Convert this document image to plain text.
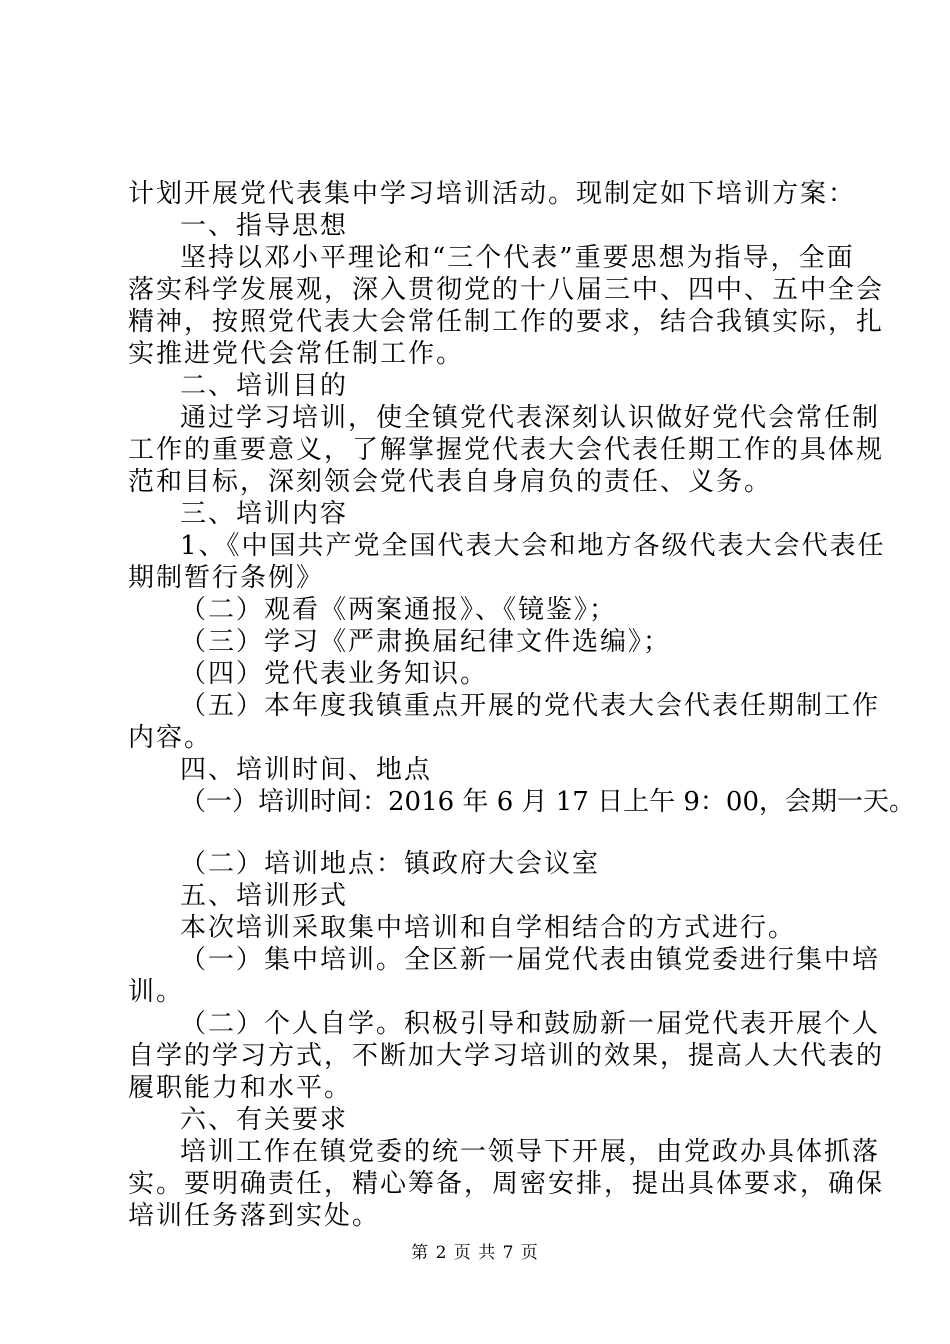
计划开展党代表集中学习培训活动。现制定如下培训方案：
一、指导思想
坚持以邓小平理论和“三个代表”重要思想为指导，全面
落实科学发展观，深入贯彻党的十八届三中、四中、五中全会
精神，按照党代表大会常任制工作的要求，结合我镇实际，扎
实推进党代会常任制工作。
二、培训目的
通过学习培训，使全镇党代表深刻认识做好党代会常任制
工作的重要意义，了解掌握党代表大会代表任期工作的具体规
范和目标，深刻领会党代表自身肩负的责任、义务。
三、培训内容
1、《中国共产党全国代表大会和地方各级代表大会代表任
期制暂行条例》
（二）观看《两案通报》、《镜鉴》；
（三）学习《严肃换届纪律文件选编》；
（四）党代表业务知识。
（五）本年度我镇重点开展的党代表大会代表任期制工作
内容。
四、培训时间、地点
（一）培训时间：2016 年 6 月 17 日上午 9：00，会期一天。
（二）培训地点：镇政府大会议室
五、培训形式
本次培训采取集中培训和自学相结合的方式进行。
（一）集中培训。全区新一届党代表由镇党委进行集中培
训。
（二）个人自学。积极引导和鼓励新一届党代表开展个人
自学的学习方式，不断加大学习培训的效果，提高人大代表的
履职能力和水平。
六、有关要求
培训工作在镇党委的统一领导下开展，由党政办具体抓落
实。要明确责任，精心筹备，周密安排，提出具体要求，确保
培训任务落到实处。
第 2 页 共 7 页
